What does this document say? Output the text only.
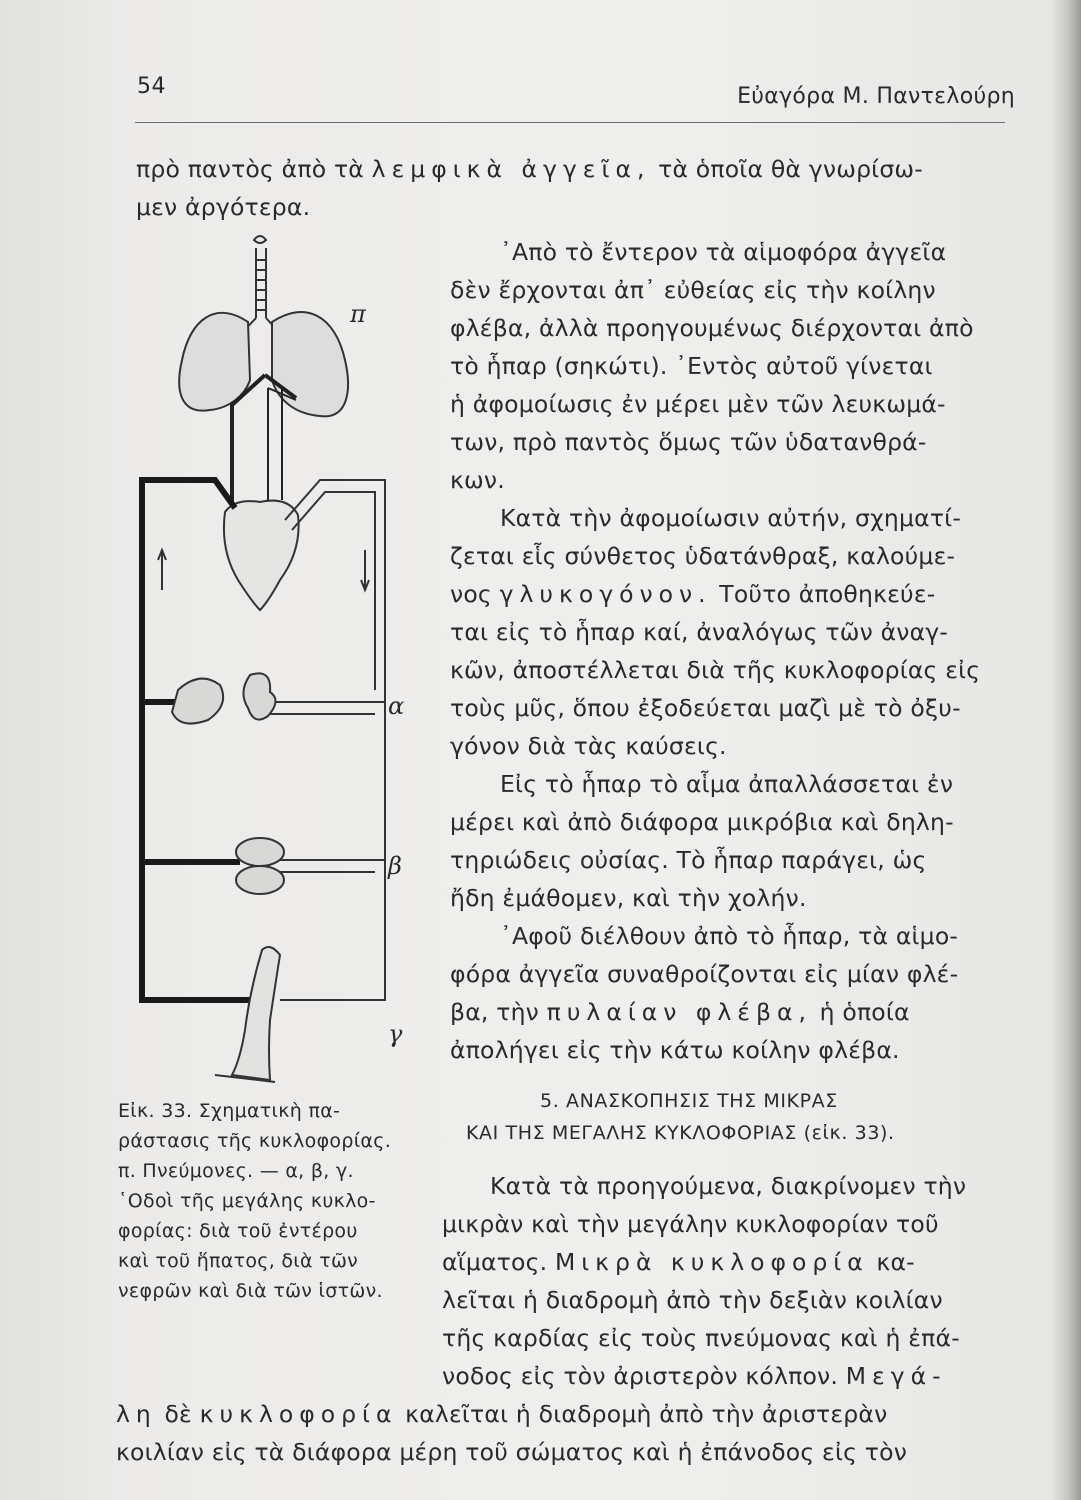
54	Εὐαγόρα Μ. Παντελούρη
πρὸ παντὸς ἀπὸ τὰ λεμφικὰ ἀγγεῖα, τὰ ὁποῖα θὰ γνωρίσω-
μεν ἀργότερα.
᾿Απὸ τὸ ἔντερον τὰ αἱμοφόρα ἀγγεῖα
δὲν ἔρχονται ἀπ᾿ εὐθείας εἰς τὴν κοίλην
φλέβα, ἀλλὰ προηγουμένως διέρχονται ἀπὸ
τὸ ἧπαρ (σηκώτι). ᾿Εντὸς αὐτοῦ γίνεται
ἡ ἀφομοίωσις ἐν μέρει μὲν τῶν λευκωμά-
των, πρὸ παντὸς ὅμως τῶν ὑδατανθρά-
κων.
Κατὰ τὴν ἀφομοίωσιν αὐτήν, σχηματί-
ζεται εἷς σύνθετος ὑδατάνθραξ, καλούμε-
νος γλυκογόνον. Τοῦτο ἀποθηκεύε-
ται εἰς τὸ ἧπαρ καί, ἀναλόγως τῶν ἀναγ-
κῶν, ἀποστέλλεται διὰ τῆς κυκλοφορίας εἰς
τοὺς μῦς, ὅπου ἐξοδεύεται μαζὶ μὲ τὸ ὀξυ-
γόνον διὰ τὰς καύσεις.
Εἰς τὸ ἧπαρ τὸ αἷμα ἀπαλλάσσεται ἐν
μέρει καὶ ἀπὸ διάφορα μικρόβια καὶ δηλη-
τηριώδεις οὐσίας. Τὸ ἧπαρ παράγει, ὡς
ἤδη ἐμάθομεν, καὶ τὴν χολήν.
᾿Αφοῦ διέλθουν ἀπὸ τὸ ἧπαρ, τὰ αἱμο-
φόρα ἀγγεῖα συναθροίζονται εἰς μίαν φλέ-
βα, τὴν πυλαίαν φλέβα, ἡ ὁποία
ἀπολήγει εἰς τὴν κάτω κοίλην φλέβα.
5. ΑΝΑΣΚΟΠΗΣΙΣ ΤΗΣ ΜΙΚΡΑΣ
ΚΑΙ ΤΗΣ ΜΕΓΑΛΗΣ ΚΥΚΛΟΦΟΡΙΑΣ (εἰκ. 33).
Κατὰ τὰ προηγούμενα, διακρίνομεν τὴν
μικρὰν καὶ τὴν μεγάλην κυκλοφορίαν τοῦ
αἵματος. Μικρὰ κυκλοφορία κα-
λεῖται ἡ διαδρομὴ ἀπὸ τὴν δεξιὰν κοιλίαν
τῆς καρδίας εἰς τοὺς πνεύμονας καὶ ἡ ἐπά-
νοδος εἰς τὸν ἀριστερὸν κόλπον. Μεγά-
λη δὲ κυκλοφορία καλεῖται ἡ διαδρομὴ ἀπὸ τὴν ἀριστερὰν
κοιλίαν εἰς τὰ διάφορα μέρη τοῦ σώματος καὶ ἡ ἐπάνοδος εἰς τὸν
π
α
β
γ
Εἰκ. 33. Σχηματικὴ πα-
ράστασις τῆς κυκλοφορίας.
π. Πνεύμονες. — α, β, γ.
῾Οδοὶ τῆς μεγάλης κυκλο-
φορίας: διὰ τοῦ ἐντέρου
καὶ τοῦ ἥπατος, διὰ τῶν
νεφρῶν καὶ διὰ τῶν ἱστῶν.
